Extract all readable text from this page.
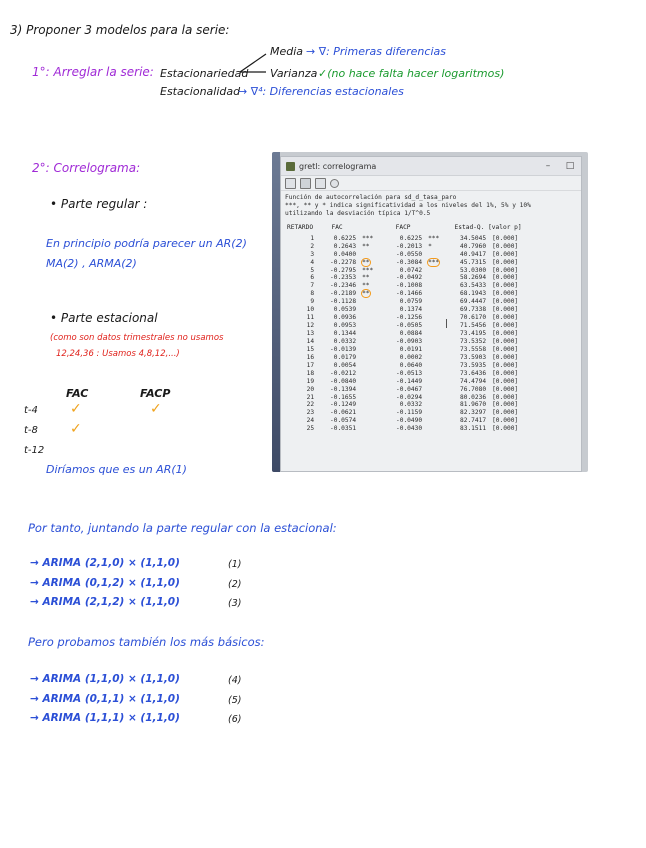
3) Proponer 3 modelos para la serie:
1°: Arreglar la serie: Estacionariedad
Media → ∇: Primeras diferencias
Varianza ✓(no hace falta hacer logaritmos)
Estacionalidad
→ ∇⁴: Diferencias estacionales
2°: Correlograma:
• Parte regular :
En principio podría parecer un AR(2)
MA(2) , ARMA(2)
• Parte estacional
(como son datos trimestrales no usamos
12,24,36 : Usamos 4,8,12,...)
FAC	FACP
t-4 ✓	✓
t-8 ✓
t-12
Diríamos que es un AR(1)
gretl: correlograma	–	□
Función de autocorrelación para sd_d_tasa_paro
***, ** y * indica significatividad a los niveles del 1%, 5% y 10%
utilizando la desviación típica 1/T^0.5
RETARDO	FAC		FACP		Estad-Q. [valor p]	
1	0.6225	***	0.6225	***	34.5045	[0.000]
2	0.2643	**	-0.2013	*	40.7960	[0.000]
3	0.0400		-0.0550		40.9417	[0.000]
4	-0.2278	**	-0.3084	***	45.7315	[0.000]
5	-0.2795	***	0.0742		53.0300	[0.000]
6	-0.2353	**	-0.0492		58.2694	[0.000]
7	-0.2346	**	-0.1008		63.5433	[0.000]
8	-0.2189	**	-0.1466		68.1943	[0.000]
9	-0.1128		0.0759		69.4447	[0.000]
10	0.0539		0.1374		69.7338	[0.000]
11	0.0936		-0.1256		70.6170	[0.000]
12	0.0953		-0.0505		71.5456	[0.000]
13	0.1344		0.0884		73.4195	[0.000]
14	0.0332		-0.0903		73.5352	[0.000]
15	-0.0139		0.0191		73.5558	[0.000]
16	0.0179		0.0002		73.5903	[0.000]
17	0.0054		0.0640		73.5935	[0.000]
18	-0.0212		-0.0513		73.6436	[0.000]
19	-0.0840		-0.1449		74.4794	[0.000]
20	-0.1394		-0.0467		76.7080	[0.000]
21	-0.1655		-0.0294		80.0236	[0.000]
22	-0.1249		0.0332		81.9670	[0.000]
23	-0.0621		-0.1159		82.3297	[0.000]
24	-0.0574		-0.0490		82.7417	[0.000]
25	-0.0351		-0.0430		83.1511	[0.000]
Por tanto, juntando la parte regular con la estacional:
→ ARIMA (2,1,0) × (1,1,0)	(1)
→ ARIMA (0,1,2) × (1,1,0)	(2)
→ ARIMA (2,1,2) × (1,1,0)	(3)
Pero probamos también los más básicos:
→ ARIMA (1,1,0) × (1,1,0)	(4)
→ ARIMA (0,1,1) × (1,1,0)	(5)
→ ARIMA (1,1,1) × (1,1,0)	(6)
